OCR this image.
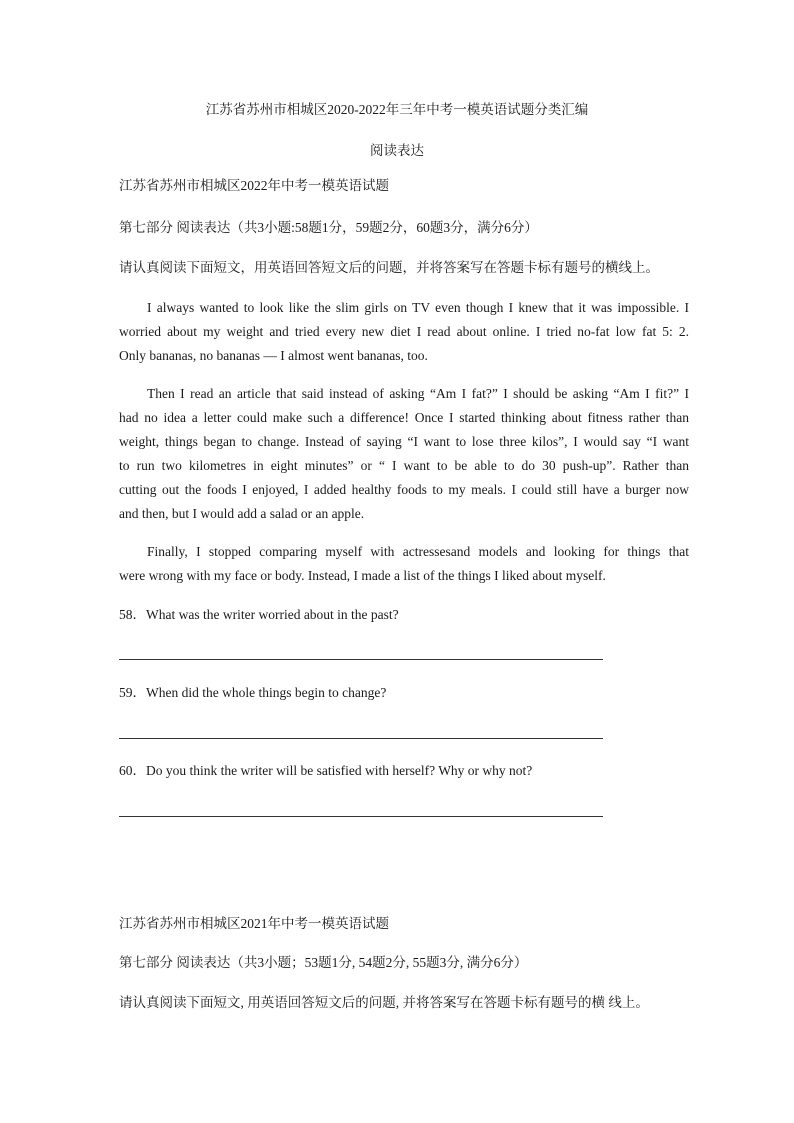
江苏省苏州市相城区2020-2022年三年中考一模英语试题分类汇编
阅读表达
江苏省苏州市相城区2022年中考一模英语试题
第七部分 阅读表达（共3小题:58题1分，59题2分，60题3分，满分6分）
请认真阅读下面短文，用英语回答短文后的问题，并将答案写在答题卡标有题号的横线上。
I always wanted to look like the slim girls on TV even though I knew that it was impossible. I
worried about my weight and tried every new diet I read about online. I tried no-fat low fat 5: 2.
Only bananas, no bananas — I almost went bananas, too.
Then I read an article that said instead of asking “Am I fat?” I should be asking “Am I fit?” I
had no idea a letter could make such a difference! Once I started thinking about fitness rather than
weight, things began to change. Instead of saying “I want to lose three kilos”, I would say “I want
to run two kilometres in eight minutes” or “ I want to be able to do 30 push-up”. Rather than
cutting out the foods I enjoyed, I added healthy foods to my meals. I could still have a burger now
and then, but I would add a salad or an apple.
Finally, I stopped comparing myself with actressesand models and looking for things that
were wrong with my face or body. Instead, I made a list of the things I liked about myself.
58．What was the writer worried about in the past?
59．When did the whole things begin to change?
60．Do you think the writer will be satisfied with herself? Why or why not?
江苏省苏州市相城区2021年中考一模英语试题
第七部分 阅读表达（共3小题；53题1分, 54题2分, 55题3分, 满分6分）
请认真阅读下面短文, 用英语回答短文后的问题, 并将答案写在答题卡标有题号的横 线上。
